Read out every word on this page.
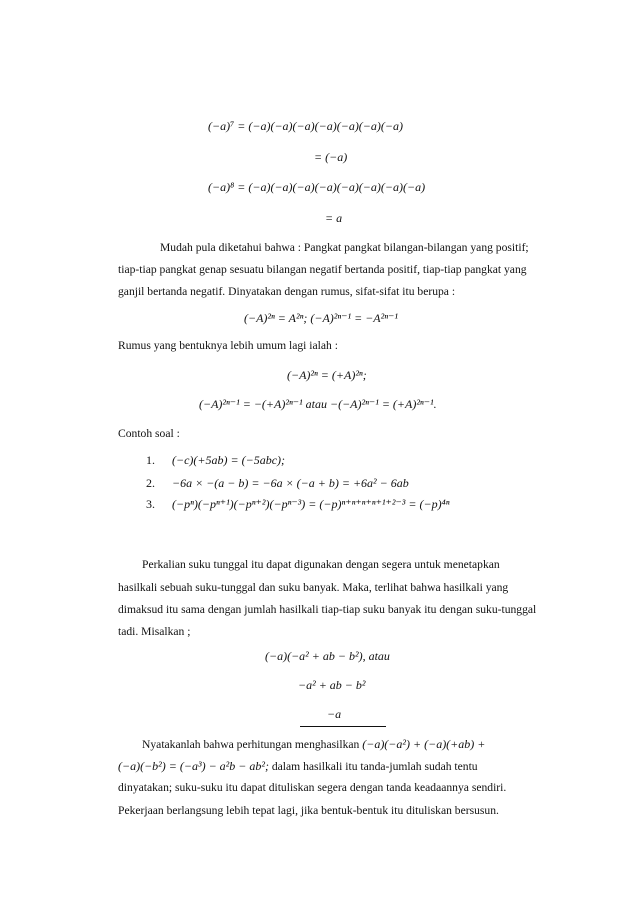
(−a)⁷ = (−a)(−a)(−a)(−a)(−a)(−a)(−a)
= (−a)
(−a)⁸ = (−a)(−a)(−a)(−a)(−a)(−a)(−a)(−a)
= a
Mudah pula diketahui bahwa : Pangkat pangkat bilangan-bilangan yang positif;
tiap-tiap pangkat genap sesuatu bilangan negatif bertanda positif, tiap-tiap pangkat yang
ganjil bertanda negatif. Dinyatakan dengan rumus, sifat-sifat itu berupa :
(−A)²ⁿ = A²ⁿ; (−A)²ⁿ⁻¹ = −A²ⁿ⁻¹
Rumus yang bentuknya lebih umum lagi ialah :
(−A)²ⁿ = (+A)²ⁿ;
(−A)²ⁿ⁻¹ = −(+A)²ⁿ⁻¹ atau −(−A)²ⁿ⁻¹ = (+A)²ⁿ⁻¹.
Contoh soal :
1. (−c)(+5ab) = (−5abc);
2. −6a × −(a − b) = −6a × (−a + b) = +6a² − 6ab
3. (−pⁿ)(−pⁿ⁺¹)(−pⁿ⁺²)(−pⁿ⁻³) = (−p)ⁿ⁺ⁿ⁺ⁿ⁺ⁿ⁺¹⁺²⁻³ = (−p)⁴ⁿ
Perkalian suku tunggal itu dapat digunakan dengan segera untuk menetapkan
hasilkali sebuah suku-tunggal dan suku banyak. Maka, terlihat bahwa hasilkali yang
dimaksud itu sama dengan jumlah hasilkali tiap-tiap suku banyak itu dengan suku-tunggal
tadi. Misalkan ;
(−a)(−a² + ab − b²), atau
−a² + ab − b²
−a
Nyatakanlah bahwa perhitungan menghasilkan (−a)(−a²) + (−a)(+ab) +
(−a)(−b²) = (−a³) − a²b − ab²; dalam hasilkali itu tanda-jumlah sudah tentu
dinyatakan; suku-suku itu dapat dituliskan segera dengan tanda keadaannya sendiri.
Pekerjaan berlangsung lebih tepat lagi, jika bentuk-bentuk itu dituliskan bersusun.
